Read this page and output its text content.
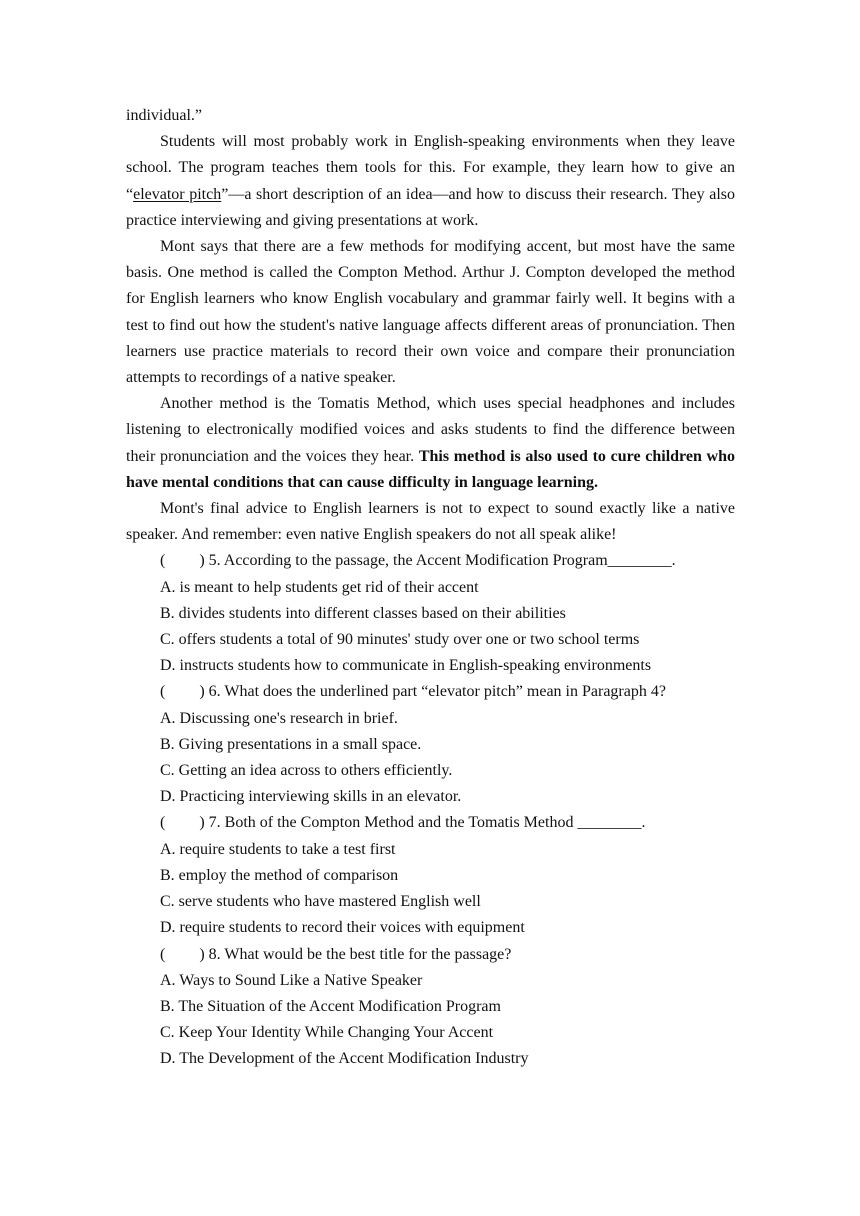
individual.”

Students will most probably work in English-speaking environments when they leave school. The program teaches them tools for this. For example, they learn how to give an “elevator pitch”—a short description of an idea—and how to discuss their research. They also practice interviewing and giving presentations at work.

Mont says that there are a few methods for modifying accent, but most have the same basis. One method is called the Compton Method. Arthur J. Compton developed the method for English learners who know English vocabulary and grammar fairly well. It begins with a test to find out how the student's native language affects different areas of pronunciation. Then learners use practice materials to record their own voice and compare their pronunciation attempts to recordings of a native speaker.

Another method is the Tomatis Method, which uses special headphones and includes listening to electronically modified voices and asks students to find the difference between their pronunciation and the voices they hear. This method is also used to cure children who have mental conditions that can cause difficulty in language learning.

Mont's final advice to English learners is not to expect to sound exactly like a native speaker. And remember: even native English speakers do not all speak alike!

( ) 5. According to the passage, the Accent Modification Program________.

A. is meant to help students get rid of their accent

B. divides students into different classes based on their abilities

C. offers students a total of 90 minutes' study over one or two school terms

D. instructs students how to communicate in English-speaking environments

( ) 6. What does the underlined part “elevator pitch” mean in Paragraph 4?

A. Discussing one's research in brief.

B. Giving presentations in a small space.

C. Getting an idea across to others efficiently.

D. Practicing interviewing skills in an elevator.

( ) 7. Both of the Compton Method and the Tomatis Method ________.

A. require students to take a test first

B. employ the method of comparison

C. serve students who have mastered English well

D. require students to record their voices with equipment

( ) 8. What would be the best title for the passage?

A. Ways to Sound Like a Native Speaker

B. The Situation of the Accent Modification Program

C. Keep Your Identity While Changing Your Accent

D. The Development of the Accent Modification Industry
